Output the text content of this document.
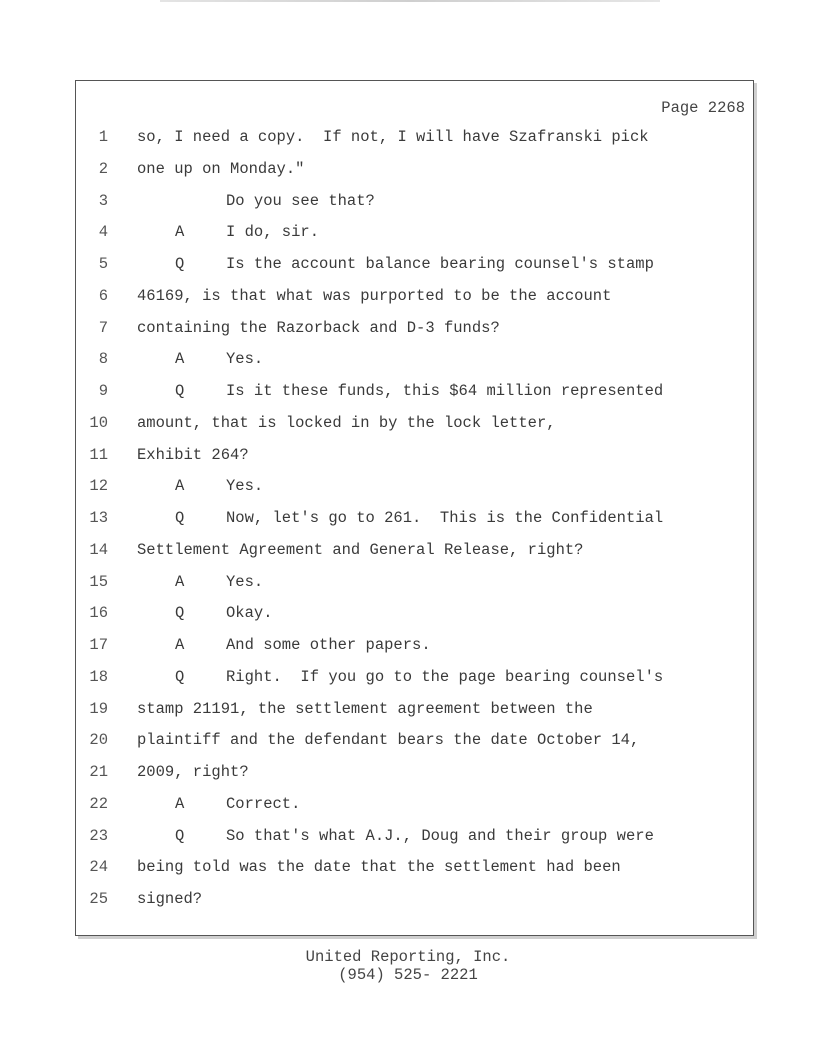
Page 2268
1 so, I need a copy.  If not, I will have Szafranski pick
2 one up on Monday."
3	Do you see that?
4	A	I do, sir.
5	Q	Is the account balance bearing counsel's stamp
6 46169, is that what was purported to be the account
7 containing the Razorback and D-3 funds?
8	A	Yes.
9	Q	Is it these funds, this $64 million represented
10 amount, that is locked in by the lock letter,
11 Exhibit 264?
12	A	Yes.
13	Q	Now, let's go to 261.  This is the Confidential
14 Settlement Agreement and General Release, right?
15	A	Yes.
16	Q	Okay.
17	A	And some other papers.
18	Q	Right.  If you go to the page bearing counsel's
19 stamp 21191, the settlement agreement between the
20 plaintiff and the defendant bears the date October 14,
21 2009, right?
22	A	Correct.
23	Q	So that's what A.J., Doug and their group were
24 being told was the date that the settlement had been
25 signed?
United Reporting, Inc.
(954) 525- 2221
